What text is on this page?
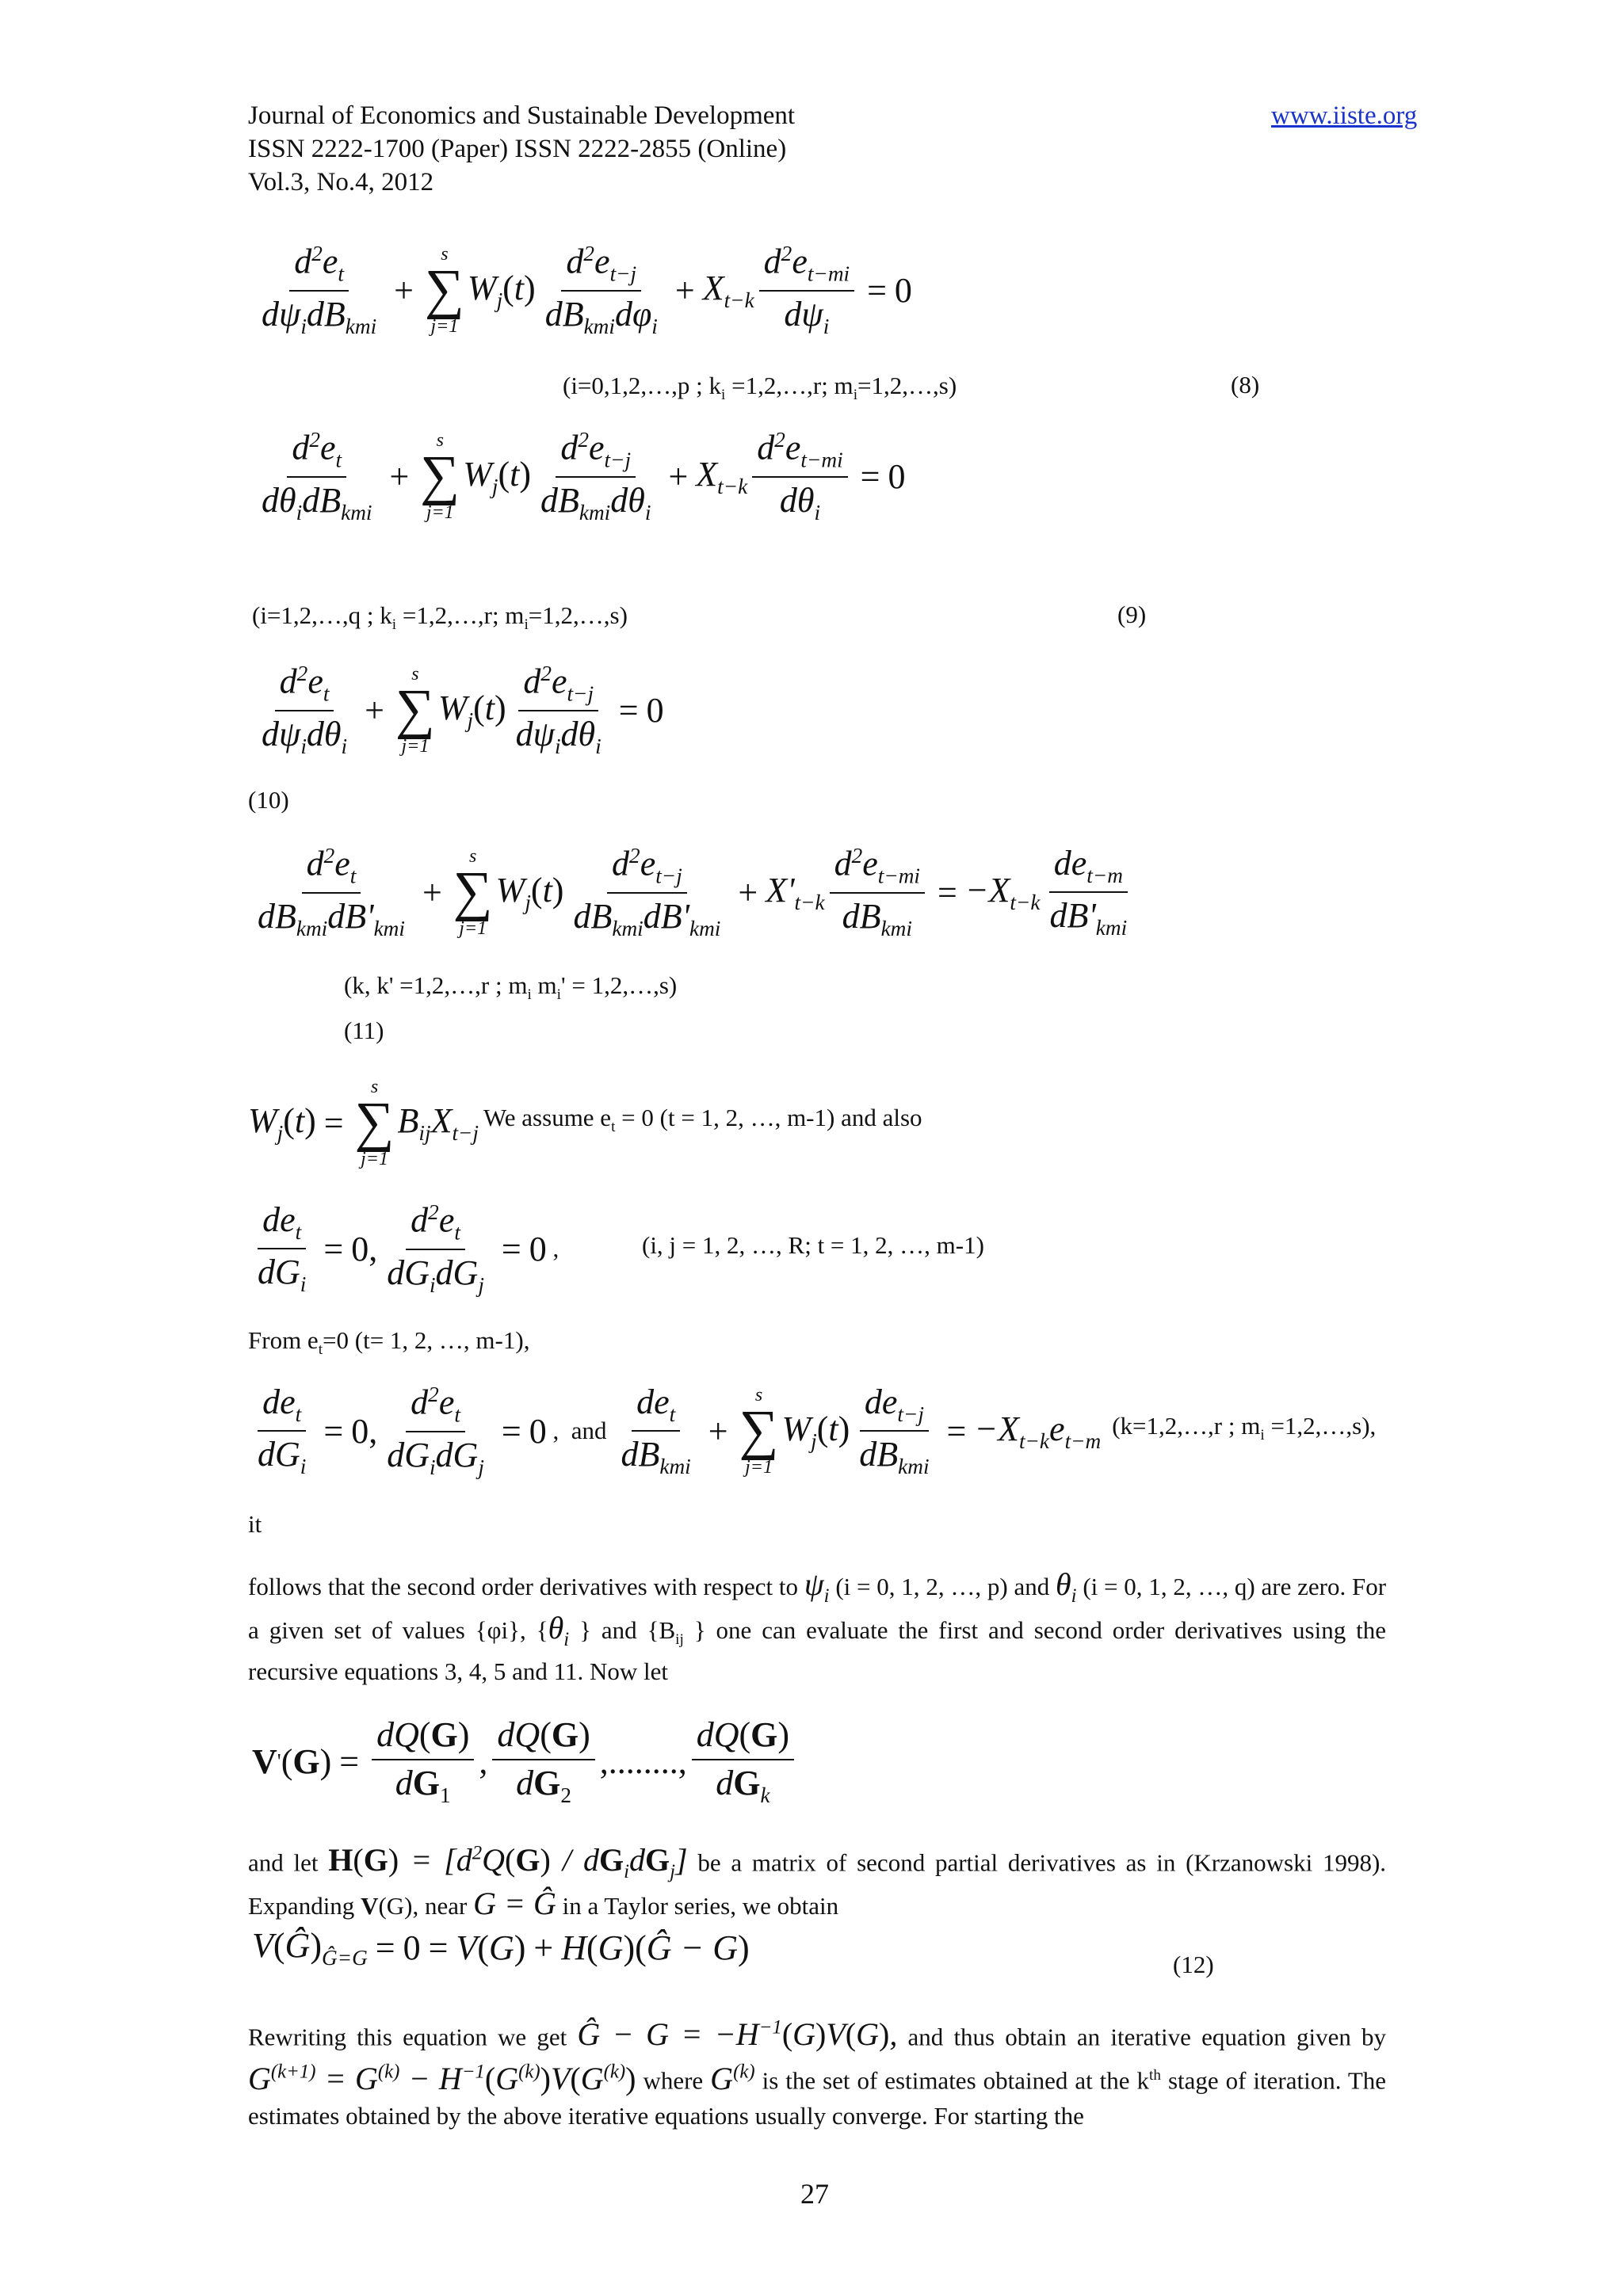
Journal of Economics and Sustainable Development
ISSN 2222-1700 (Paper) ISSN 2222-2855 (Online)
Vol.3, No.4, 2012
www.iiste.org
$\frac{d^2e_t}{d\psi_idB_{kmi}}$ +
s
∑
j=1
$W_j(t) \frac{d^2e_{t-j}}{dB_{kmi}d\varphi_i} + X_{t-k} \frac{d^2e_{t-mi}}{d\psi_i} = 0$
(i=0,1,2,…,p ; $k_i$ =1,2,…,r; $m_i=1,2,\dots,s$)	(8)
$\frac{d^2e_t}{d\theta_idB_{kmi}}$ +
s
∑
j=1
$W_j(t) \frac{d^2e_{t-j}}{dB_{kmi}d\theta_i} + X_{t-k} \frac{d^2e_{t-mi}}{d\theta_i} = 0$
(i=1,2,…,q ; $k_i$ =1,2,…,r; $m_i=1,2,\dots,s$)	(9)
$\frac{d^2e_t}{d\psi_id\theta_i}$ +
s
∑
j=1
$W_j(t) \frac{d^2e_{t-j}}{d\psi_id\theta_i} = 0$
(10)
$\frac{d^2e_t}{dB_{kmi}dB'_{kmi}}$ +
s
∑
j=1
$W_j(t) \frac{d^2e_{t-j}}{dB_{kmi}dB'_{kmi}} + X'_{t-k} \frac{d^2e_{t-mi}}{dB_{kmi}} = -X_{t-k} \frac{de_{t-m}}{dB'_{kmi}}$
(k, k' =1,2,…,r ; $m_i$ $m_i'$ = 1,2,…,s)
(11)
$W_j(t)$ =
s
∑
j=1
$B_{ij}X_{t-j}$
We assume $e_t = 0$ (t = 1, 2, …, m-1) and also
$\frac{de_t}{dG_i} = 0$, $\frac{d^2e_t}{dG_idG_j} = 0$ ,	(i, j = 1, 2, …, R; t = 1, 2, …, m-1)
From $e_t=0$ (t= 1, 2, …, m-1),
$\frac{de_t}{dG_i} = 0$, $\frac{d^2e_t}{dG_idG_j} = 0$ , and $\frac{de_t}{dB_{kmi}}$ +
s
∑
j=1
$W_j(t) \frac{de_{t-j}}{dB_{kmi}} = -X_{t-k}e_{t-m}$
(k=1,2,…,r ; $m_i$ =1,2,…,s),
it

follows that the second order derivatives with respect to $\psi_i$ (i = 0, 1, 2, …, p) and $\theta_i$ (i = 0, 1, 2, …, q) are zero. For a given set of values {φi}, {$\theta_i$ } and {$B_{ij}$ } one can evaluate the first and second order derivatives using the recursive equations 3, 4, 5 and 11. Now let

V ' ( G ) = $\frac{dQ(G)}{dG_1}$ , $\frac{dQ(G)}{dG_2}$ ,........, $\frac{dQ(G)}{dG_k}$

and let $H(G) = [d^2Q(G) / dG_idG_j]$ be a matrix of second partial derivatives as in (Krzanowski 1998). Expanding V(G), near G = Ĝ in a Taylor series, we obtain

$V(Ĝ)_{Ĝ=G} = 0 = V(G)$ + H(G)(Ĝ − G)	(12)

Rewriting this equation we get Ĝ − $G = -H^{-1}(G)V(G)$, and thus obtain an iterative equation given by $G^{(k+1)} = G^{(k)} - H^{-1}(G^{(k)})V(G^{(k)})$ where $G^{(k)}$ is the set of estimates obtained at the $k^{th}$ stage of iteration. The estimates obtained by the above iterative equations usually converge. For starting the

27
